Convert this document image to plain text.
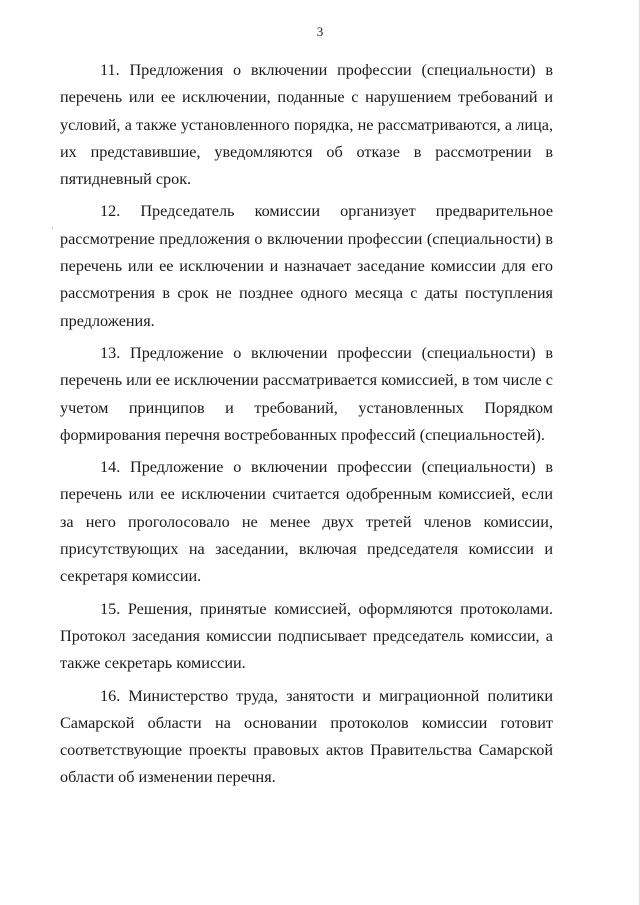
3
·

11. Предложения о включении профессии (специальности) в перечень или ее исключении, поданные с нарушением требований и условий, а также установленного порядка, не рассматриваются, а лица, их представившие, уведомляются об отказе в рассмотрении в пятидневный срок.

12. Председатель комиссии организует предварительное рассмотрение предложения о включении профессии (специальности) в перечень или ее исключении и назначает заседание комиссии для его рассмотрения в срок не позднее одного месяца с даты поступления предложения.

13. Предложение о включении профессии (специальности) в перечень или ее исключении рассматривается комиссией, в том числе с учетом принципов и требований, установленных Порядком формирования перечня востребованных профессий (специальностей).

14. Предложение о включении профессии (специальности) в перечень или ее исключении считается одобренным комиссией, если за него проголосовало не менее двух третей членов комиссии, присутствующих на заседании, включая председателя комиссии и секретаря комиссии.

15. Решения, принятые комиссией, оформляются протоколами. Протокол заседания комиссии подписывает председатель комиссии, а также секретарь комиссии.

16. Министерство труда, занятости и миграционной политики Самарской области на основании протоколов комиссии готовит соответствующие проекты правовых актов Правительства Самарской области об изменении перечня.
